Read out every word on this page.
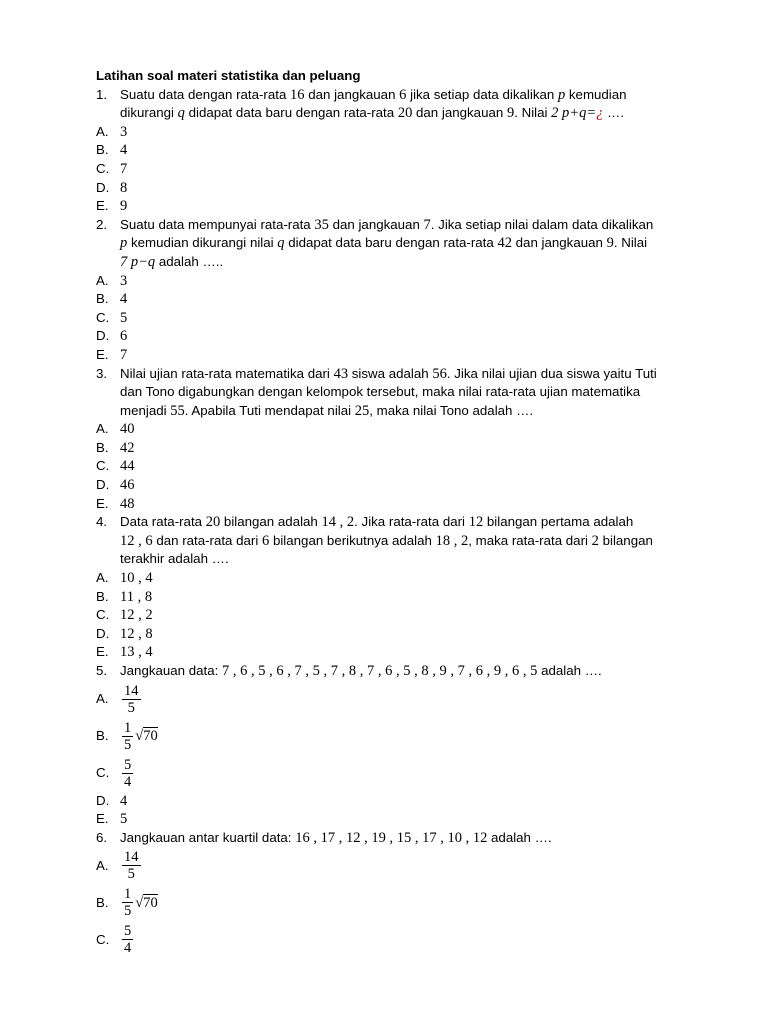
Latihan soal materi statistika dan peluang
1. Suatu data dengan rata-rata 16 dan jangkauan 6 jika setiap data dikalikan p kemudian

dikurangi q didapat data baru dengan rata-rata 20 dan jangkauan 9. Nilai 2 p+q=¿ ….

A. 3
B. 4
C. 7
D. 8
E. 9
2. Suatu data mempunyai rata-rata 35 dan jangkauan 7. Jika setiap nilai dalam data dikalikan

p kemudian dikurangi nilai q didapat data baru dengan rata-rata 42 dan jangkauan 9. Nilai

7 p−q adalah …..

A. 3
B. 4
C. 5
D. 6
E. 7
3. Nilai ujian rata-rata matematika dari 43 siswa adalah 56. Jika nilai ujian dua siswa yaitu Tuti

dan Tono digabungkan dengan kelompok tersebut, maka nilai rata-rata ujian matematika

menjadi 55. Apabila Tuti mendapat nilai 25, maka nilai Tono adalah ….

A. 40
B. 42
C. 44
D. 46
E. 48
4. Data rata-rata 20 bilangan adalah 14 , 2. Jika rata-rata dari 12 bilangan pertama adalah

12 , 6 dan rata-rata dari 6 bilangan berikutnya adalah 18 , 2, maka rata-rata dari 2 bilangan

terakhir adalah ….

A. 10 , 4
B. 11 , 8
C. 12 , 2
D. 12 , 8
E. 13 , 4
5. Jangkauan data: 7 , 6 , 5 , 6 , 7 , 5 , 7 , 8 , 7 , 6 , 5 , 8 , 9 , 7 , 6 , 9 , 6 , 5 adalah ….

A.	14
5
B.	1
5
√70
C.	5
4
D. 4
E. 5
6. Jangkauan antar kuartil data: 16 , 17 , 12 , 19 , 15 , 17 , 10 , 12 adalah ….

A.	14
5
B.	1
5
√70
C.	5
4
